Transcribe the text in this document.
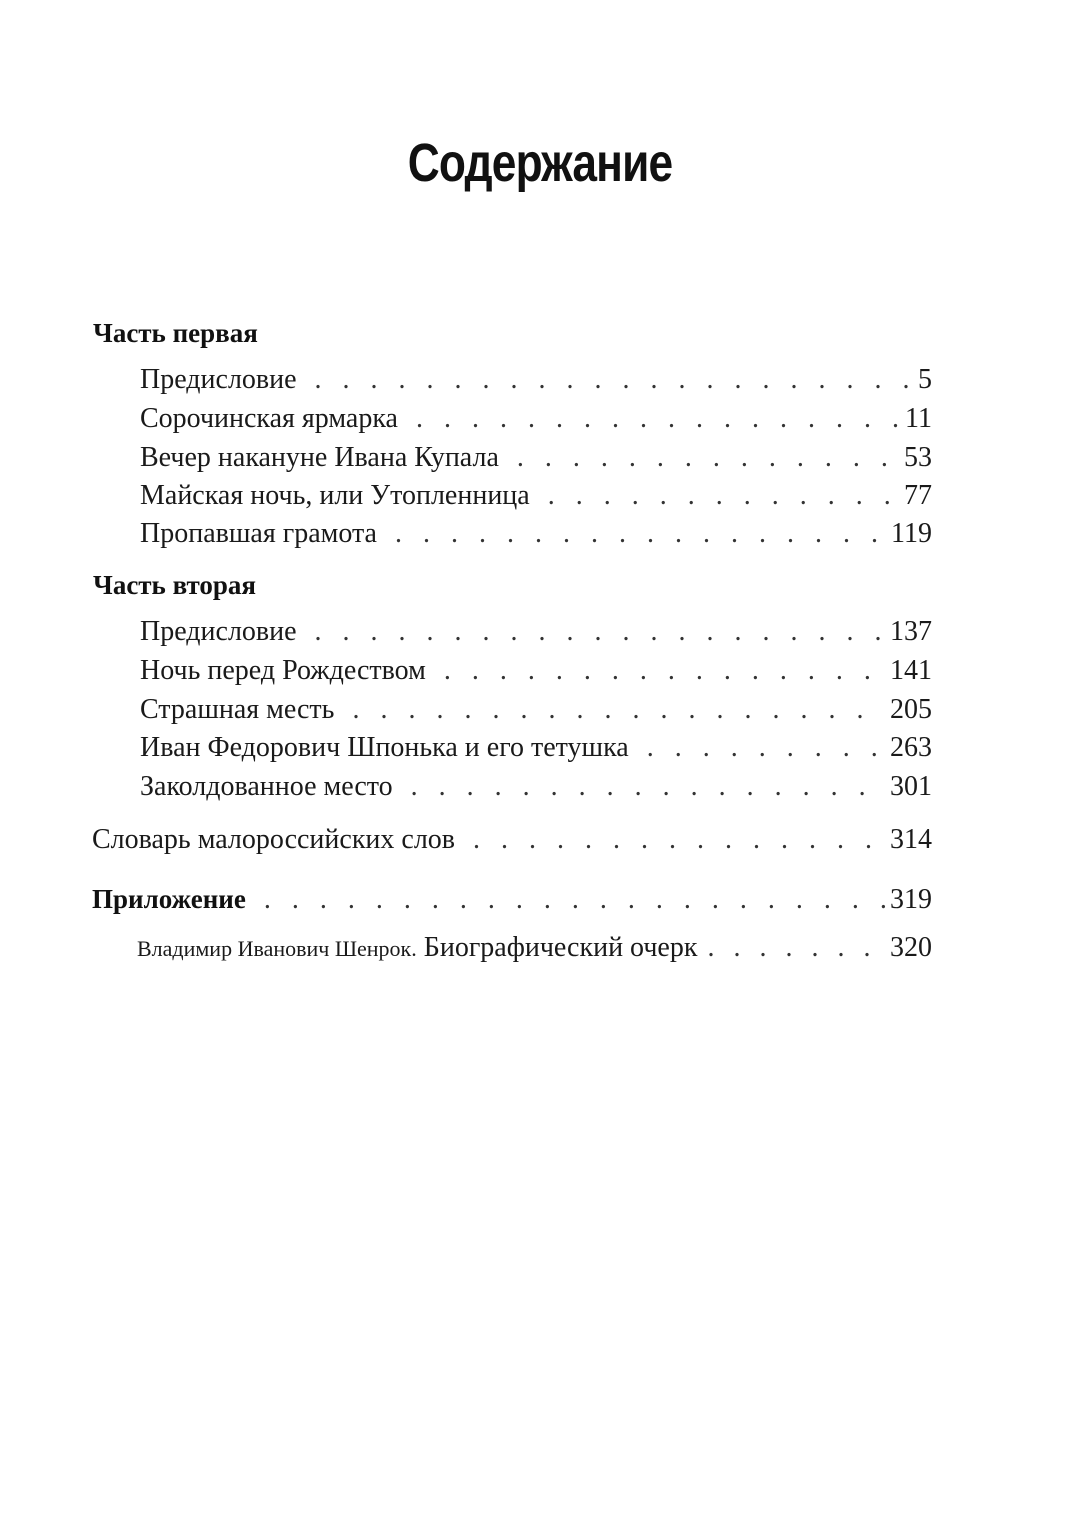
Содержание
Часть первая
Предисловие . . .	5
Сорочинская ярмарка . . .	11
Вечер накануне Ивана Купала . . .	53
Майская ночь, или Утопленница . . .	77
Пропавшая грамота . . .	119
Часть вторая
Предисловие . . .	137
Ночь перед Рождеством . . .	141
Страшная месть . . .	205
Иван Федорович Шпонька и его тетушка . . .	263
Заколдованное место . . .	301
Словарь малороссийских слов . . .	314
Приложение . . .	319
Владимир Иванович Шенрок. Биографический очерк . . .	320
